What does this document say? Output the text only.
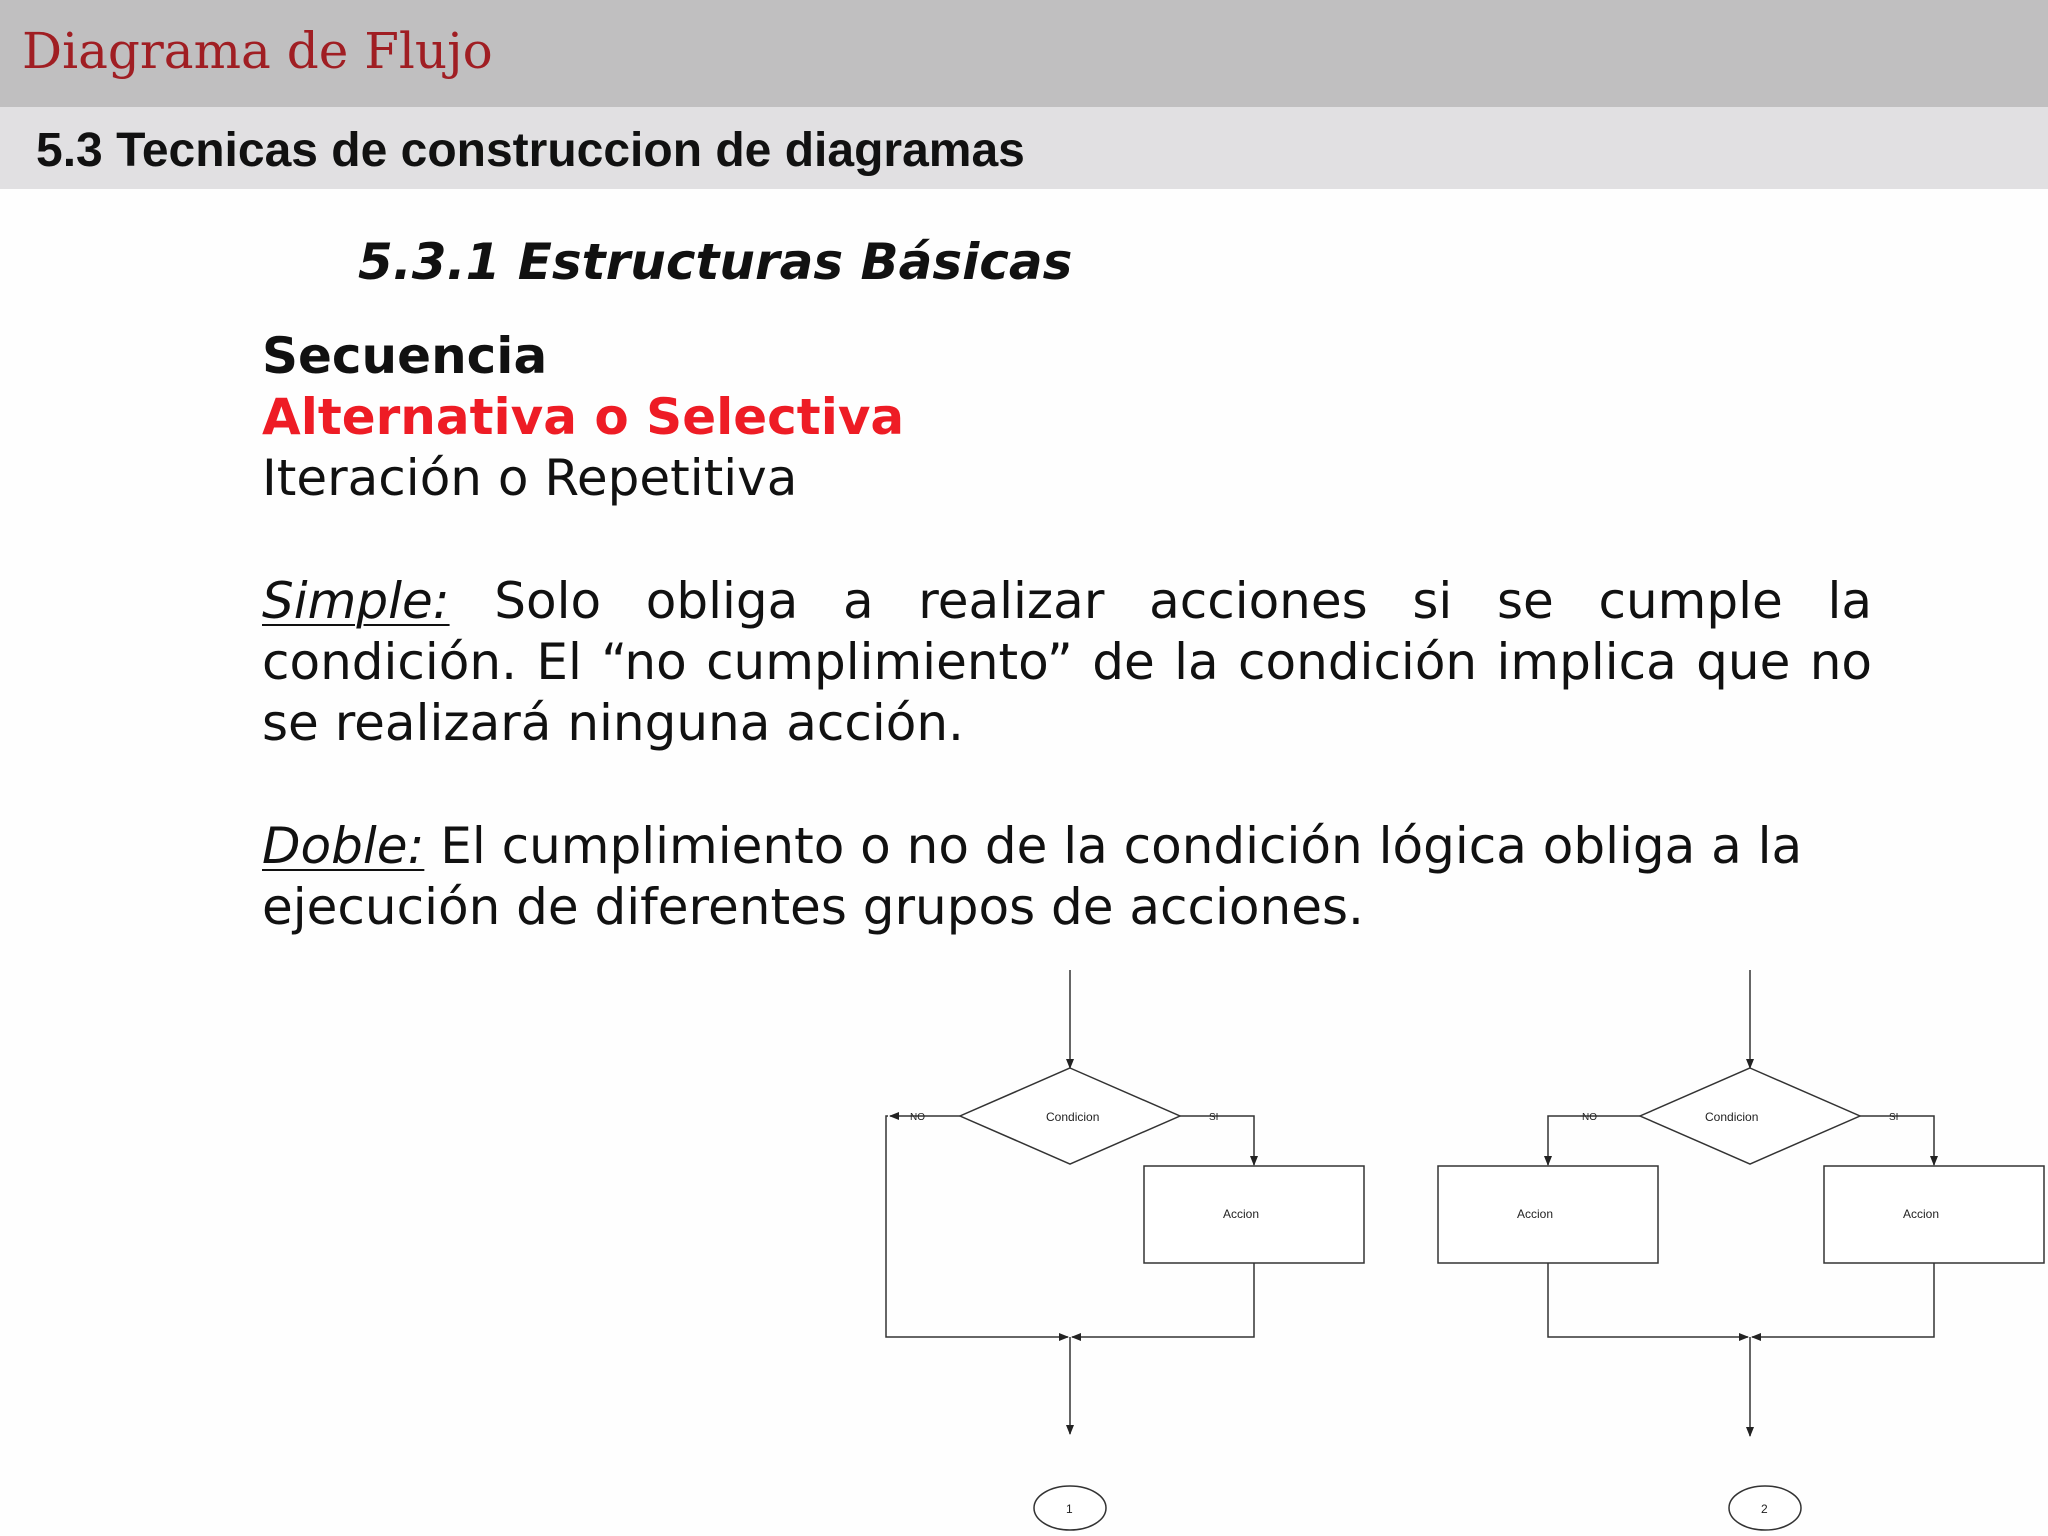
Diagrama de Flujo
5.3 Tecnicas de construccion de diagramas
5.3.1 Estructuras Básicas
Secuencia
Alternativa o Selectiva
Iteración o Repetitiva
Simple: Solo obliga a realizar acciones si se cumple la condición. El “no cumplimiento” de la condición implica que no se realizará ninguna acción.
Doble: El cumplimiento o no de la condición lógica obliga a la ejecución de diferentes grupos de acciones.
Condicion
NO	SI
Accion
1
Condicion
NO	SI
Accion	Accion
2
